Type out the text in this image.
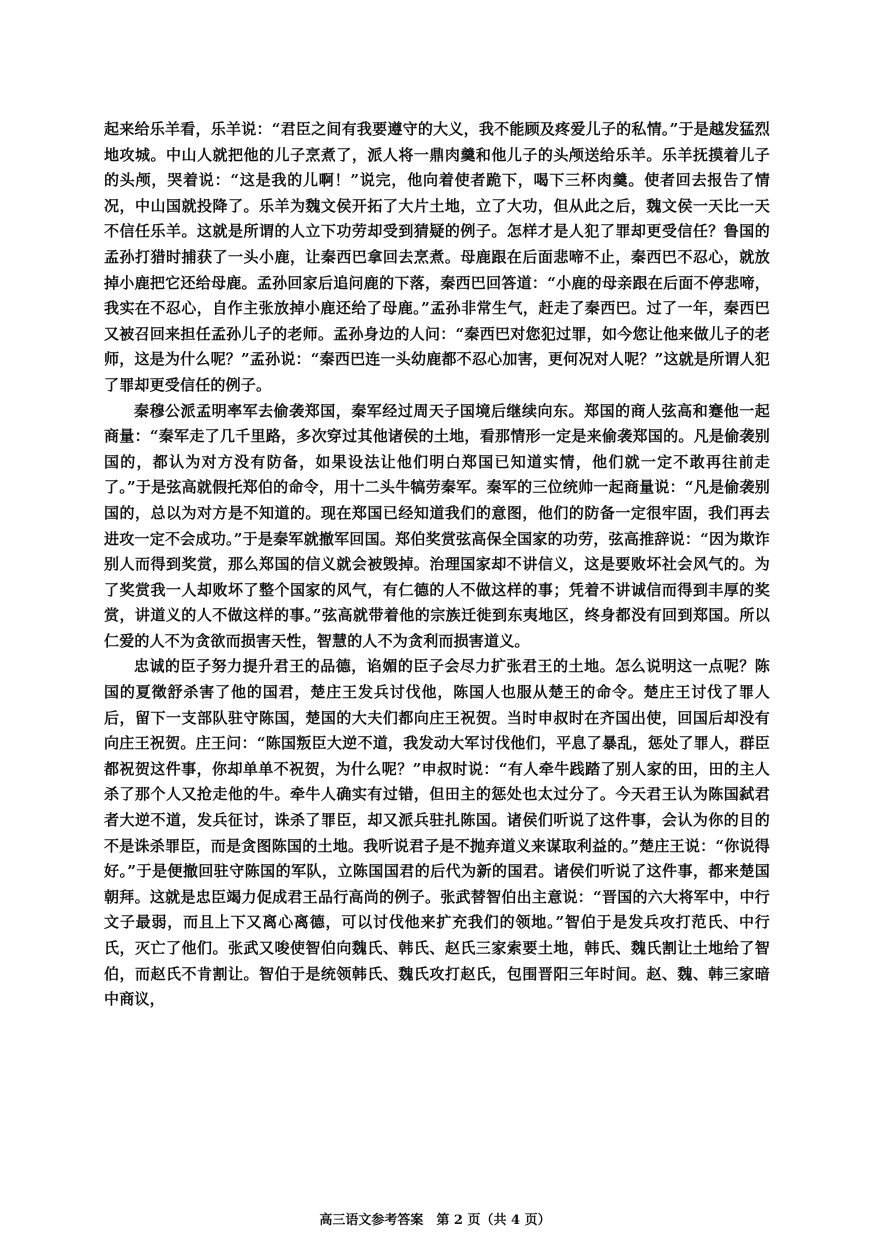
起来给乐羊看，乐羊说：“君臣之间有我要遵守的大义，我不能顾及疼爱儿子的私情。”于是越发猛烈地攻城。中山人就把他的儿子烹煮了，派人将一鼎肉羹和他儿子的头颅送给乐羊。乐羊抚摸着儿子的头颅，哭着说：“这是我的儿啊！”说完，他向着使者跪下，喝下三杯肉羹。使者回去报告了情况，中山国就投降了。乐羊为魏文侯开拓了大片土地，立了大功，但从此之后，魏文侯一天比一天不信任乐羊。这就是所谓的人立下功劳却受到猜疑的例子。怎样才是人犯了罪却更受信任？鲁国的孟孙打猎时捕获了一头小鹿，让秦西巴拿回去烹煮。母鹿跟在后面悲啼不止，秦西巴不忍心，就放掉小鹿把它还给母鹿。孟孙回家后追问鹿的下落，秦西巴回答道：“小鹿的母亲跟在后面不停悲啼，我实在不忍心，自作主张放掉小鹿还给了母鹿。”孟孙非常生气，赶走了秦西巴。过了一年，秦西巴又被召回来担任孟孙儿子的老师。孟孙身边的人问：“秦西巴对您犯过罪，如今您让他来做儿子的老师，这是为什么呢？”孟孙说：“秦西巴连一头幼鹿都不忍心加害，更何况对人呢？”这就是所谓人犯了罪却更受信任的例子。

秦穆公派孟明率军去偷袭郑国，秦军经过周天子国境后继续向东。郑国的商人弦高和蹇他一起商量：“秦军走了几千里路，多次穿过其他诸侯的土地，看那情形一定是来偷袭郑国的。凡是偷袭别国的，都认为对方没有防备，如果设法让他们明白郑国已知道实情，他们就一定不敢再往前走了。”于是弦高就假托郑伯的命令，用十二头牛犒劳秦军。秦军的三位统帅一起商量说：“凡是偷袭别国的，总以为对方是不知道的。现在郑国已经知道我们的意图，他们的防备一定很牢固，我们再去进攻一定不会成功。”于是秦军就撤军回国。郑伯奖赏弦高保全国家的功劳，弦高推辞说：“因为欺诈别人而得到奖赏，那么郑国的信义就会被毁掉。治理国家却不讲信义，这是要败坏社会风气的。为了奖赏我一人却败坏了整个国家的风气，有仁德的人不做这样的事；凭着不讲诚信而得到丰厚的奖赏，讲道义的人不做这样的事。”弦高就带着他的宗族迁徙到东夷地区，终身都没有回到郑国。所以仁爱的人不为贪欲而损害天性，智慧的人不为贪利而损害道义。

忠诚的臣子努力提升君王的品德，谄媚的臣子会尽力扩张君王的土地。怎么说明这一点呢？陈国的夏徵舒杀害了他的国君，楚庄王发兵讨伐他，陈国人也服从楚王的命令。楚庄王讨伐了罪人后，留下一支部队驻守陈国，楚国的大夫们都向庄王祝贺。当时申叔时在齐国出使，回国后却没有向庄王祝贺。庄王问：“陈国叛臣大逆不道，我发动大军讨伐他们，平息了暴乱，惩处了罪人，群臣都祝贺这件事，你却单单不祝贺，为什么呢？”申叔时说：“有人牵牛践踏了别人家的田，田的主人杀了那个人又抢走他的牛。牵牛人确实有过错，但田主的惩处也太过分了。今天君王认为陈国弑君者大逆不道，发兵征讨，诛杀了罪臣，却又派兵驻扎陈国。诸侯们听说了这件事，会认为你的目的不是诛杀罪臣，而是贪图陈国的土地。我听说君子是不抛弃道义来谋取利益的。”楚庄王说：“你说得好。”于是便撤回驻守陈国的军队，立陈国国君的后代为新的国君。诸侯们听说了这件事，都来楚国朝拜。这就是忠臣竭力促成君王品行高尚的例子。张武替智伯出主意说：“晋国的六大将军中，中行文子最弱，而且上下又离心离德，可以讨伐他来扩充我们的领地。”智伯于是发兵攻打范氏、中行氏，灭亡了他们。张武又唆使智伯向魏氏、韩氏、赵氏三家索要土地，韩氏、魏氏割让土地给了智伯，而赵氏不肯割让。智伯于是统领韩氏、魏氏攻打赵氏，包围晋阳三年时间。赵、魏、韩三家暗中商议，

高三语文参考答案　第 2 页（共 4 页）
